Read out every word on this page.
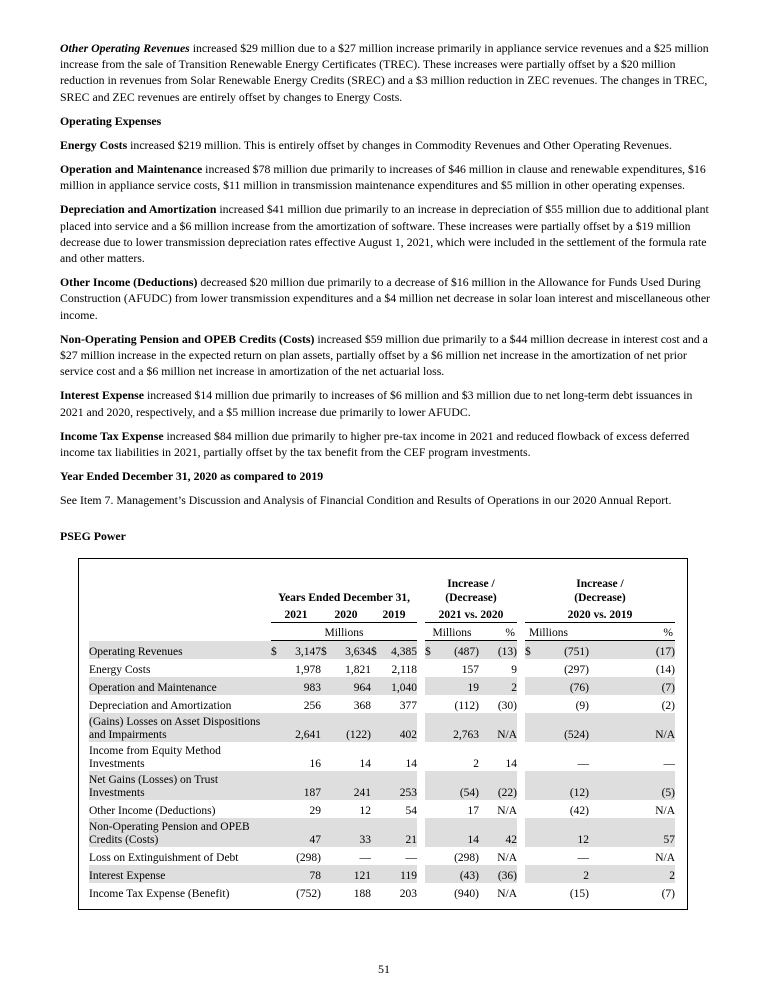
Other Operating Revenues increased $29 million due to a $27 million increase primarily in appliance service revenues and a $25 million increase from the sale of Transition Renewable Energy Certificates (TREC). These increases were partially offset by a $20 million reduction in revenues from Solar Renewable Energy Credits (SREC) and a $3 million reduction in ZEC revenues. The changes in TREC, SREC and ZEC revenues are entirely offset by changes to Energy Costs.

Operating Expenses

Energy Costs increased $219 million. This is entirely offset by changes in Commodity Revenues and Other Operating Revenues.

Operation and Maintenance increased $78 million due primarily to increases of $46 million in clause and renewable expenditures, $16 million in appliance service costs, $11 million in transmission maintenance expenditures and $5 million in other operating expenses.

Depreciation and Amortization increased $41 million due primarily to an increase in depreciation of $55 million due to additional plant placed into service and a $6 million increase from the amortization of software. These increases were partially offset by a $19 million decrease due to lower transmission depreciation rates effective August 1, 2021, which were included in the settlement of the formula rate and other matters.

Other Income (Deductions) decreased $20 million due primarily to a decrease of $16 million in the Allowance for Funds Used During Construction (AFUDC) from lower transmission expenditures and a $4 million net decrease in solar loan interest and miscellaneous other income.

Non-Operating Pension and OPEB Credits (Costs) increased $59 million due primarily to a $44 million decrease in interest cost and a $27 million increase in the expected return on plan assets, partially offset by a $6 million net increase in the amortization of net prior service cost and a $6 million net increase in amortization of the net actuarial loss.

Interest Expense increased $14 million due primarily to increases of $6 million and $3 million due to net long-term debt issuances in 2021 and 2020, respectively, and a $5 million increase due primarily to lower AFUDC.

Income Tax Expense increased $84 million due primarily to higher pre-tax income in 2021 and reduced flowback of excess deferred income tax liabilities in 2021, partially offset by the tax benefit from the CEF program investments.

Year Ended December 31, 2020 as compared to 2019

See Item 7. Management’s Discussion and Analysis of Financial Condition and Results of Operations in our 2020 Annual Report.

PSEG Power
	Years Ended December 31,						Increase /
(Decrease)			Increase /
(Decrease)		
	2021		2020		2019		2021 vs. 2020			2020 vs. 2019		
	Millions						Millions		%	Millions		%
Operating Revenues	$	3,147	$	3,634	$	4,385	$	(487)	(13)	$	(751)	(17)
Energy Costs		1,978		1,821		2,118		157	9		(297)	(14)
Operation and Maintenance		983		964		1,040		19	2		(76)	(7)
Depreciation and Amortization		256		368		377		(112)	(30)		(9)	(2)
(Gains) Losses on Asset Dispositions and Impairments		2,641		(122)		402		2,763	N/A		(524)	N/A
Income from Equity Method Investments		16		14		14		2	14		—	—
Net Gains (Losses) on Trust Investments		187		241		253		(54)	(22)		(12)	(5)
Other Income (Deductions)		29		12		54		17	N/A		(42)	N/A
Non-Operating Pension and OPEB Credits (Costs)		47		33		21		14	42		12	57
Loss on Extinguishment of Debt		(298)		—		—		(298)	N/A		—	N/A
Interest Expense		78		121		119		(43)	(36)		2	2
Income Tax Expense (Benefit)		(752)		188		203		(940)	N/A		(15)	(7)
51
